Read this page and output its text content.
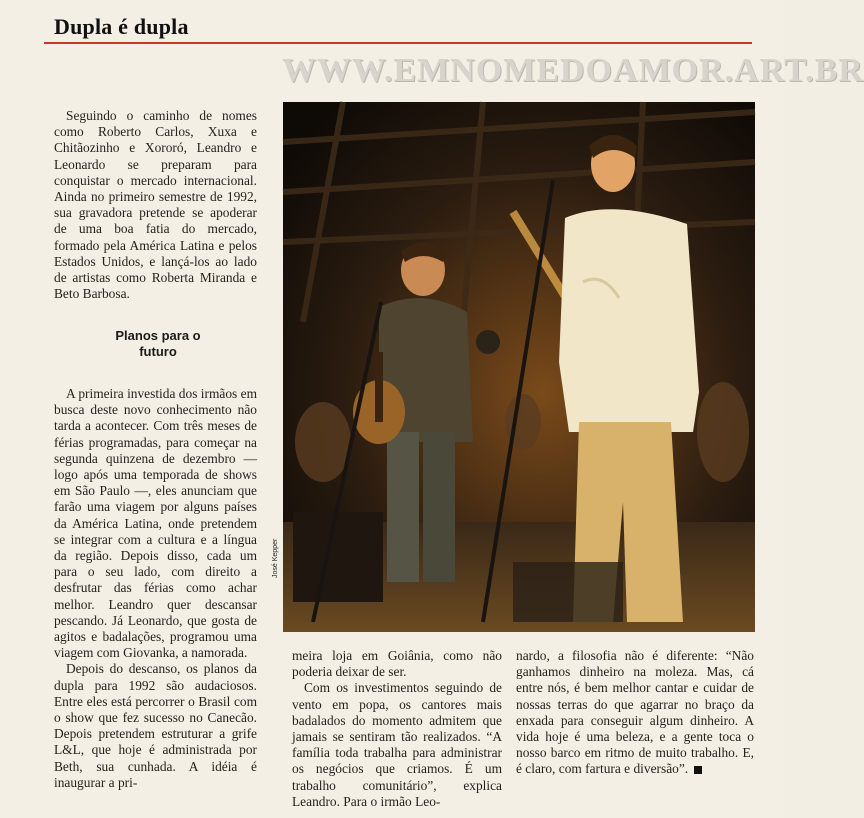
Dupla é dupla

Seguindo o caminho de nomes como Roberto Carlos, Xuxa e Chitãozinho e Xororó, Leandro e Leonardo se preparam para conquistar o mercado internacional. Ainda no primeiro semestre de 1992, sua gravadora pretende se apoderar de uma boa fatia do mercado, formado pela América Latina e pelos Estados Unidos, e lançá-los ao lado de artistas como Roberta Miranda e Beto Barbosa.

Planos para o futuro

A primeira investida dos irmãos em busca deste novo conhecimento não tarda a acontecer. Com três meses de férias programadas, para começar na segunda quinzena de dezembro — logo após uma temporada de shows em São Paulo —, eles anunciam que farão uma viagem por alguns países da América Latina, onde pretendem se integrar com a cultura e a língua da região. Depois disso, cada um para o seu lado, com direito a desfrutar das férias como achar melhor. Leandro quer descansar pescando. Já Leonardo, que gosta de agitos e badalações, programou uma viagem com Giovanka, a namorada.

Depois do descanso, os planos da dupla para 1992 são audaciosos. Entre eles está percorrer o Brasil com o show que fez sucesso no Canecão. Depois pretendem estruturar a grife L&L, que hoje é administrada por Beth, sua cunhada. A idéia é inaugurar a pri-

José Kepper
WWW.EMNOMEDOAMOR.ART.BR

meira loja em Goiânia, como não poderia deixar de ser.

Com os investimentos seguindo de vento em popa, os cantores mais badalados do momento admitem que jamais se sentiram tão realizados. “A família toda trabalha para administrar os negócios que criamos. É um trabalho comunitário”, explica Leandro. Para o irmão Leo-

nardo, a filosofia não é diferente: “Não ganhamos dinheiro na moleza. Mas, cá entre nós, é bem melhor cantar e cuidar de nossas terras do que agarrar no braço da enxada para conseguir algum dinheiro. A vida hoje é uma beleza, e a gente toca o nosso barco em ritmo de muito trabalho. E, é claro, com fartura e diversão”.
